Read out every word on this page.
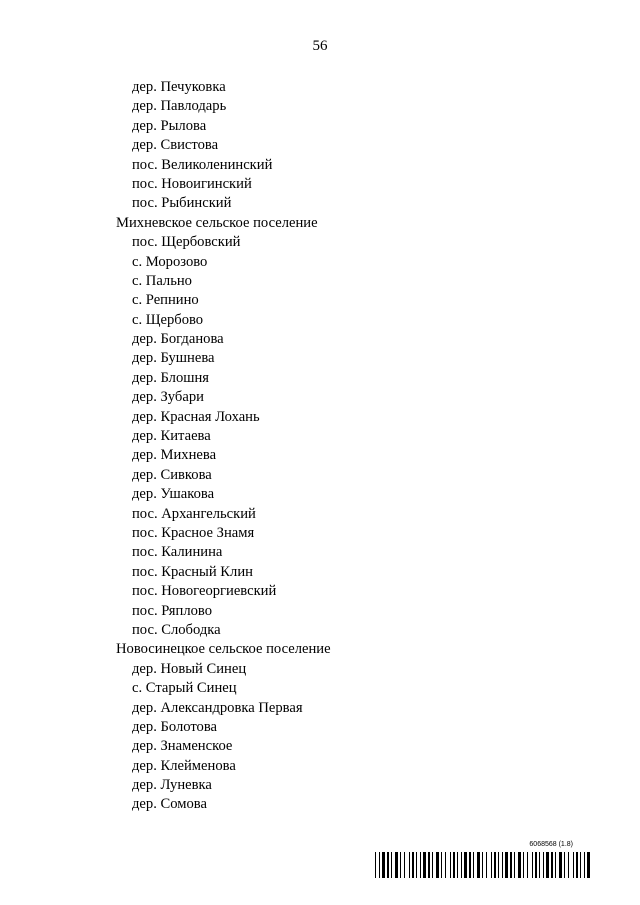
56
дер. Печуковка
дер. Павлодарь
дер. Рылова
дер. Свистова
пос. Великоленинский
пос. Новоигинский
пос. Рыбинский
Михневское сельское поселение
пос. Щербовский
с. Морозово
с. Пально
с. Репнино
с. Щербово
дер. Богданова
дер. Бушнева
дер. Блошня
дер. Зубари
дер. Красная Лохань
дер. Китаева
дер. Михнева
дер. Сивкова
дер. Ушакова
пос. Архангельский
пос. Красное Знамя
пос. Калинина
пос. Красный Клин
пос. Новогеоргиевский
пос. Ряплово
пос. Слободка
Новосинецкое сельское поселение
дер. Новый Синец
с. Старый Синец
дер. Александровка Первая
дер. Болотова
дер. Знаменское
дер. Клейменова
дер. Луневка
дер. Сомова
6068568 (1.8)
